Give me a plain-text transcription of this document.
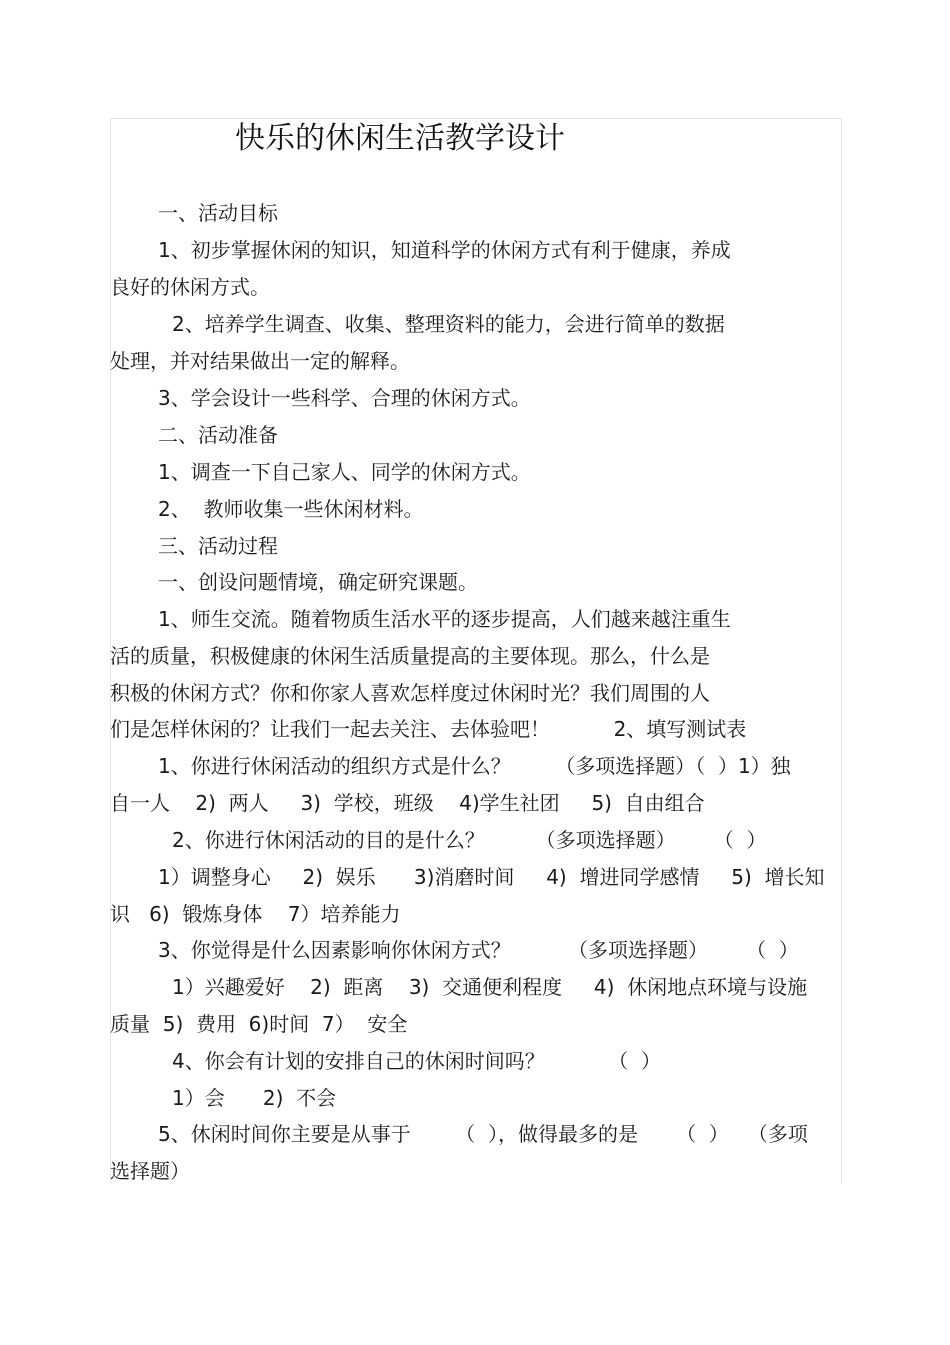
快乐的休闲生活教学设计
一、活动目标
1、初步掌握休闲的知识，知道科学的休闲方式有利于健康，养成
良好的休闲方式。
2、培养学生调查、收集、整理资料的能力，会进行简单的数据
处理，并对结果做出一定的解释。
3、学会设计一些科学、合理的休闲方式。
二、活动准备
1、调查一下自己家人、同学的休闲方式。
2、  教师收集一些休闲材料。
三、活动过程
一、创设问题情境，确定研究课题。
1、师生交流。随着物质生活水平的逐步提高，人们越来越注重生
活的质量，积极健康的休闲生活质量提高的主要体现。那么，什么是
积极的休闲方式？你和你家人喜欢怎样度过休闲时光？我们周围的人
们是怎样休闲的？让我们一起去关注、去体验吧！          2、填写测试表
1、你进行休闲活动的组织方式是什么？       （多项选择题）（  ）1）独
自一人    2)  两人     3)  学校，班级    4)学生社团     5)  自由组合
2、你进行休闲活动的目的是什么？        （多项选择题）      （  ）
1）调整身心     2)  娱乐      3)消磨时间     4)  增进同学感情     5)  增长知
识   6)  锻炼身体    7）培养能力
3、你觉得是什么因素影响你休闲方式？         （多项选择题）      （  ）
1）兴趣爱好    2)  距离    3)  交通便利程度     4)  休闲地点环境与设施
质量  5)  费用  6)时间  7）  安全
4、你会有计划的安排自己的休闲时间吗？          （  ）
1）会      2)  不会
5、休闲时间你主要是从事于       （  ），做得最多的是      （  ）   （多项
选择题）
